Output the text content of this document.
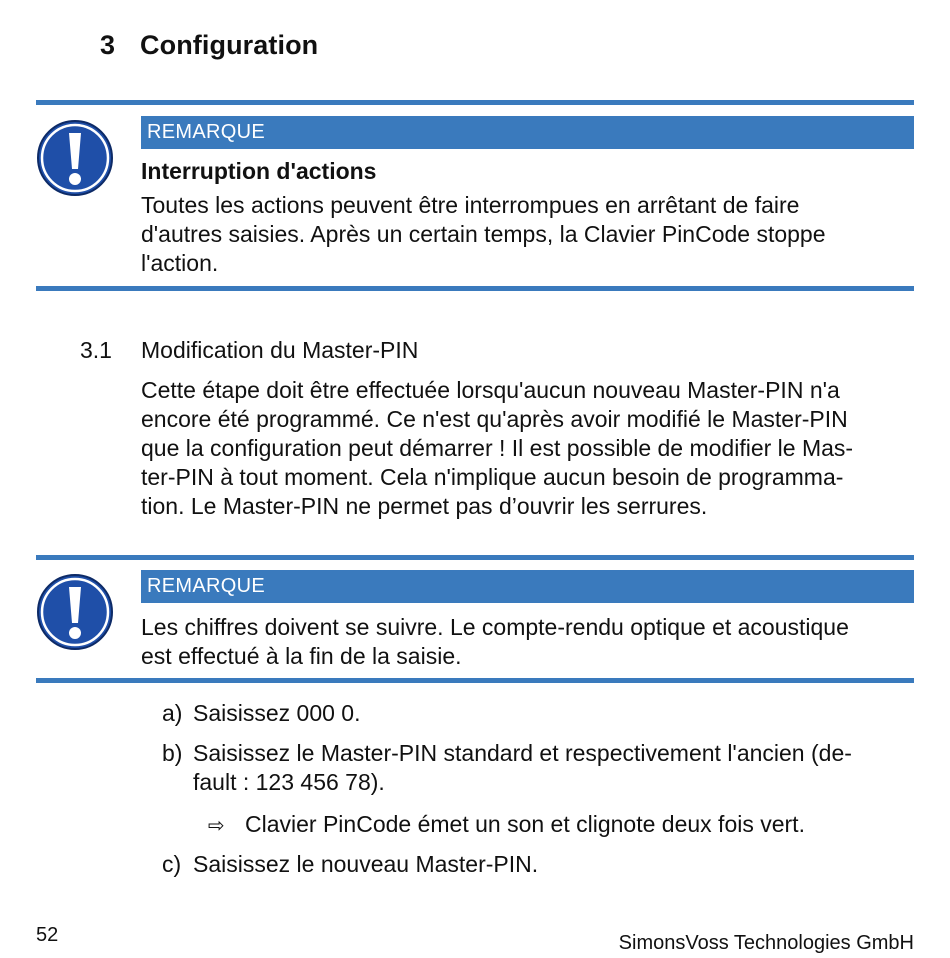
3 Configuration
REMARQUE
Interruption d'actions
Toutes les actions peuvent être interrompues en arrêtant de faire
d'autres saisies. Après un certain temps, la Clavier PinCode stoppe
l'action.
3.1 Modification du Master-PIN
Cette étape doit être effectuée lorsqu'aucun nouveau Master-PIN n'a
encore été programmé. Ce n'est qu'après avoir modifié le Master-PIN
que la configuration peut démarrer ! Il est possible de modifier le Mas-
ter-PIN à tout moment. Cela n'implique aucun besoin de programma-
tion. Le Master-PIN ne permet pas d’ouvrir les serrures.
REMARQUE
Les chiffres doivent se suivre. Le compte-rendu optique et acoustique
est effectué à la fin de la saisie.
a) Saisissez 000 0.
b) Saisissez le Master-PIN standard et respectivement l'ancien (de-
fault : 123 456 78).
⇨ Clavier PinCode émet un son et clignote deux fois vert.
c) Saisissez le nouveau Master-PIN.
52	SimonsVoss Technologies GmbH
